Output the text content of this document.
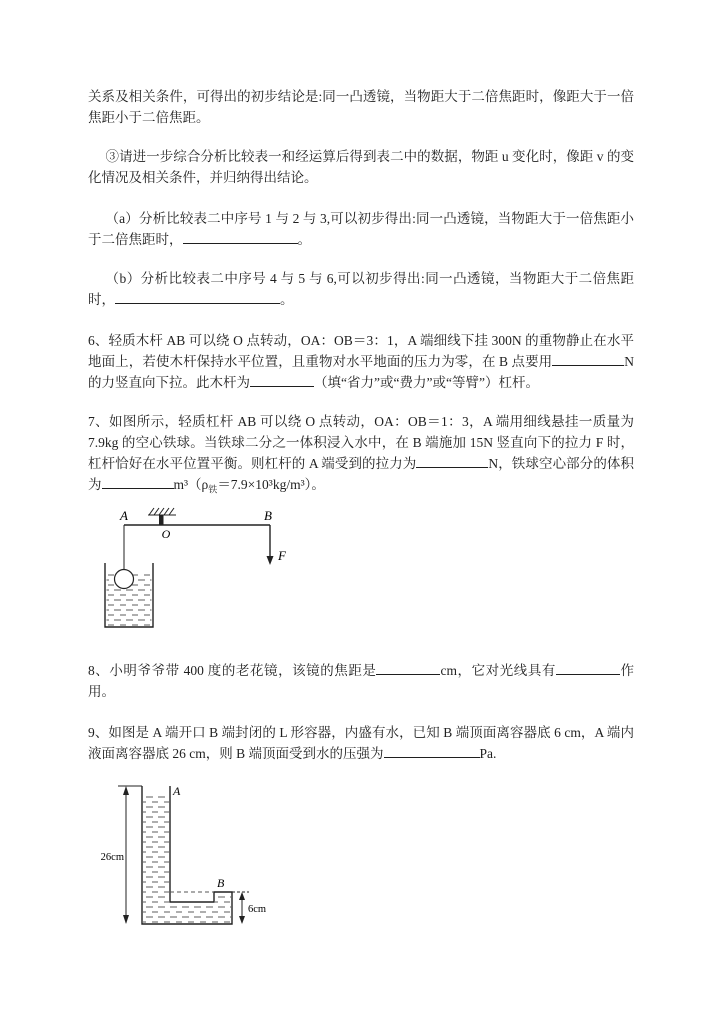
关系及相关条件，可得出的初步结论是:同一凸透镜，当物距大于二倍焦距时，像距大于一倍焦距小于二倍焦距。

③请进一步综合分析比较表一和经运算后得到表二中的数据，物距 u 变化时，像距 v 的变化情况及相关条件，并归纳得出结论。

（a）分析比较表二中序号 1 与 2 与 3,可以初步得出:同一凸透镜，当物距大于一倍焦距小于二倍焦距时，	。

（b）分析比较表二中序号 4 与 5 与 6,可以初步得出:同一凸透镜，当物距大于二倍焦距时，	。

6、轻质木杆 AB 可以绕 O 点转动，OA：OB＝3：1，A 端细线下挂 300N 的重物静止在水平地面上，若使木杆保持水平位置，且重物对水平地面的压力为零，在 B 点要用	N 的力竖直向下拉。此木杆为	（填“省力”或“费力”或“等臂”）杠杆。

7、如图所示，轻质杠杆 AB 可以绕 O 点转动，OA：OB＝1：3，A 端用细线悬挂一质量为 7.9kg 的空心铁球。当铁球二分之一体积浸入水中，在 B 端施加 15N 竖直向下的拉力 F 时，杠杆恰好在水平位置平衡。则杠杆的 A 端受到的拉力为	N，铁球空心部分的体积为	$m^3(\rho_铁=7.9\times 10^3kg/m^3)$。

A	B
O
F

8、小明爷爷带 400 度的老花镜，该镜的焦距是	cm，它对光线具有	作用。

9、如图是 A 端开口 B 端封闭的 L 形容器，内盛有水，已知 B 端顶面离容器底 6 cm，A 端内液面离容器底 26 cm，则 B 端顶面受到水的压强为	Pa.

A
B
26cm
6cm
